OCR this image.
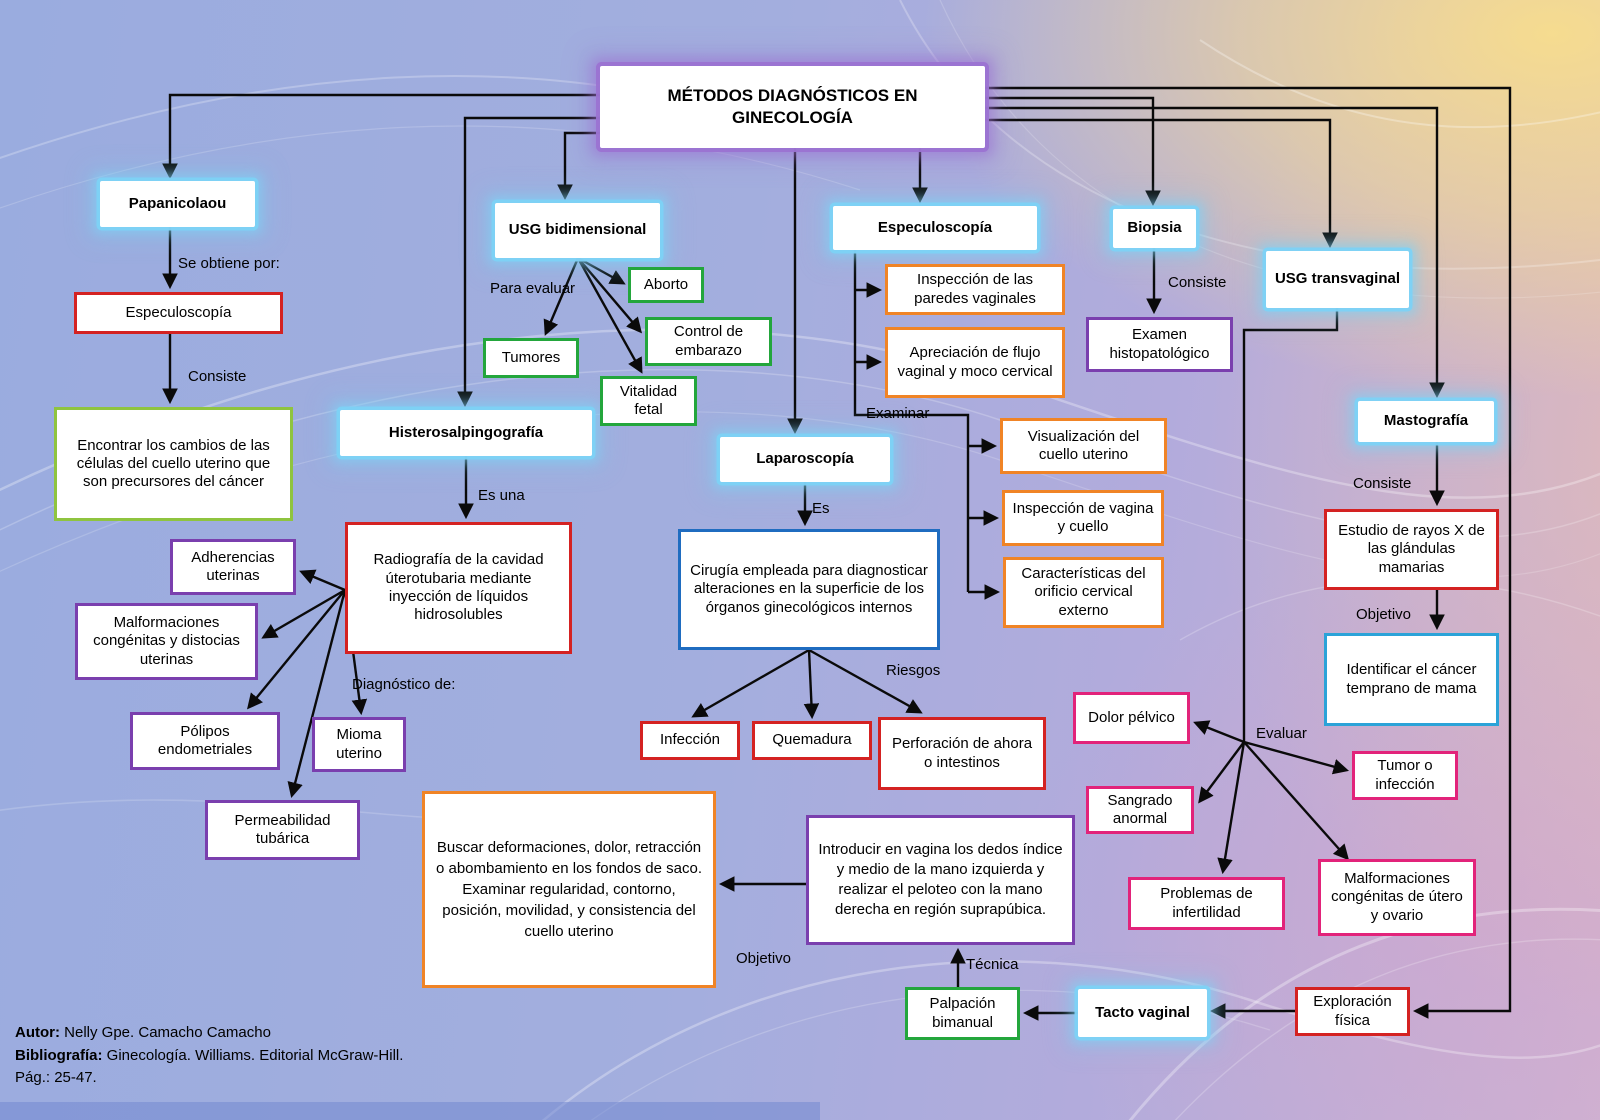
MÉTODOS DIAGNÓSTICOS EN GINECOLOGÍA
Papanicolaou
USG bidimensional
Histerosalpingografía
Laparoscopía
Especuloscopía	Biopsia
USG transvaginal
Mastografía
Tacto vaginal
Especuloscopía
Encontrar los cambios de las células del cuello uterino que son precursores del cáncer
Aborto
Control de embarazo
Tumores
Vitalidad fetal
Radiografía de la cavidad úterotubaria mediante inyección de líquidos hidrosolubles
Adherencias uterinas
Malformaciones congénitas y distocias uterinas
Pólipos endometriales
Mioma uterino
Permeabilidad tubárica
Cirugía empleada para diagnosticar alteraciones en la superficie de los órganos ginecológicos internos
Infección	Quemadura	Perforación de ahora o intestinos
Inspección de las paredes vaginales
Apreciación de flujo vaginal y moco cervical
Visualización del cuello uterino
Inspección de vagina y cuello
Características del orificio cervical externo
Examen histopatológico
Estudio de rayos X de las glándulas mamarias
Identificar el cáncer temprano de mama
Dolor pélvico
Sangrado anormal
Tumor o infección
Problemas de infertilidad
Malformaciones congénitas de útero y ovario
Buscar deformaciones, dolor, retracción o abombamiento en los fondos de saco. Examinar regularidad, contorno, posición, movilidad, y consistencia del cuello uterino
Introducir en vagina los dedos índice y medio de la mano izquierda y realizar el peloteo con la mano derecha en región suprapúbica.
Palpación bimanual
Exploración física
Se obtiene por:
Consiste
Para evaluar
Es una
Diagnóstico de:
Es
Riesgos
Examinar
Consiste
Consiste
Objetivo
Evaluar
Objetivo	Técnica
Autor: Nelly Gpe. Camacho Camacho
Bibliografía: Ginecología. Williams. Editorial McGraw-Hill.
Pág.: 25-47.
